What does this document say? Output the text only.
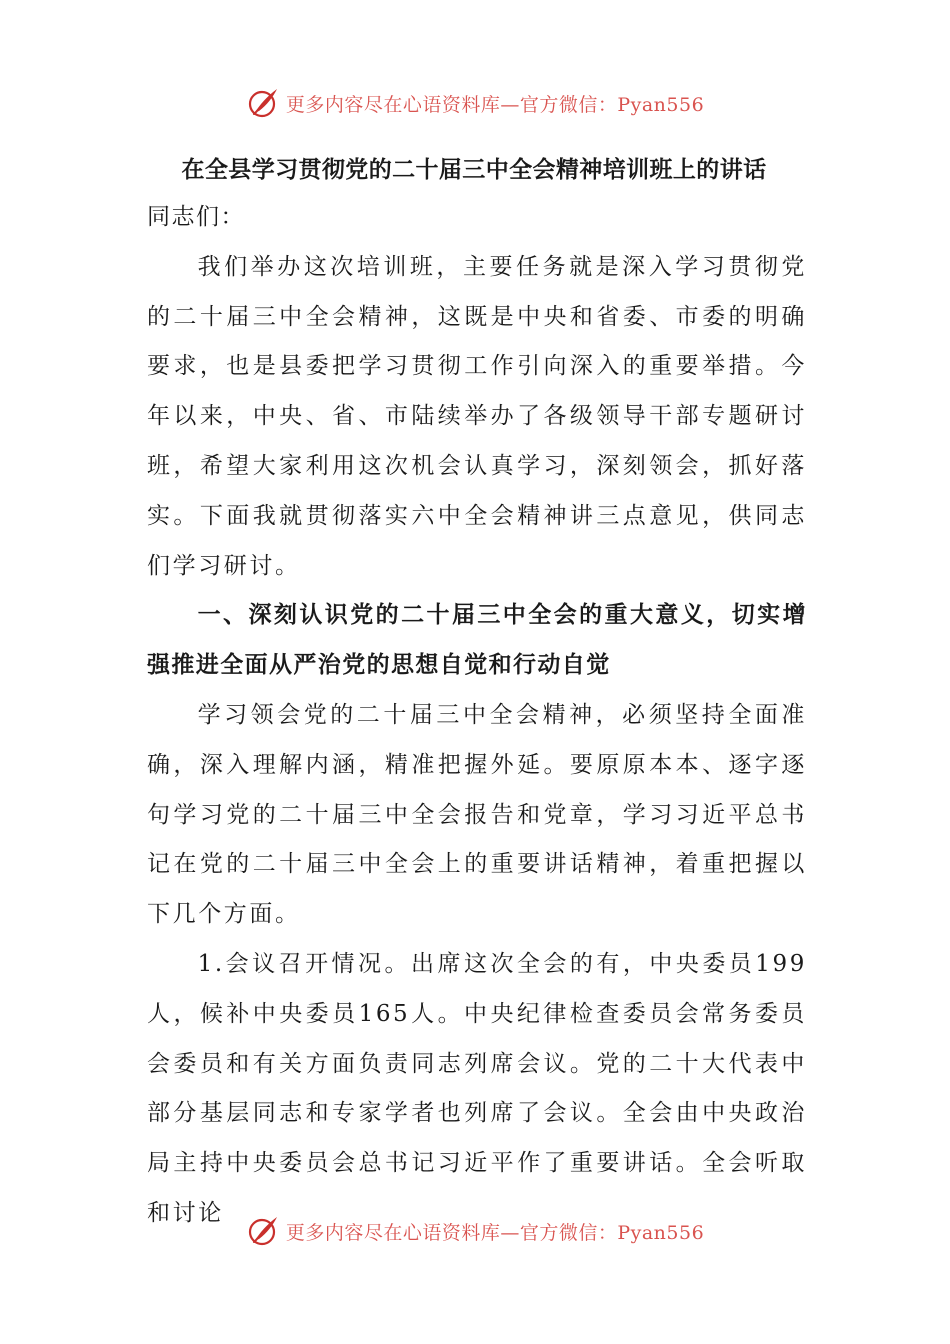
更多内容尽在心语资料库—官方微信：Pyan556
在全县学习贯彻党的二十届三中全会精神培训班上的讲话
同志们：

我们举办这次培训班，主要任务就是深入学习贯彻党的二十届三中全会精神，这既是中央和省委、市委的明确要求，也是县委把学习贯彻工作引向深入的重要举措。今年以来，中央、省、市陆续举办了各级领导干部专题研讨班，希望大家利用这次机会认真学习，深刻领会，抓好落实。下面我就贯彻落实六中全会精神讲三点意见，供同志们学习研讨。

一、深刻认识党的二十届三中全会的重大意义，切实增强推进全面从严治党的思想自觉和行动自觉

学习领会党的二十届三中全会精神，必须坚持全面准确，深入理解内涵，精准把握外延。要原原本本、逐字逐句学习党的二十届三中全会报告和党章，学习习近平总书记在党的二十届三中全会上的重要讲话精神，着重把握以下几个方面。

1.会议召开情况。出席这次全会的有，中央委员199人，候补中央委员165人。中央纪律检查委员会常务委员会委员和有关方面负责同志列席会议。党的二十大代表中部分基层同志和专家学者也列席了会议。全会由中央政治局主持中央委员会总书记习近平作了重要讲话。全会听取和讨论

更多内容尽在心语资料库—官方微信：Pyan556
